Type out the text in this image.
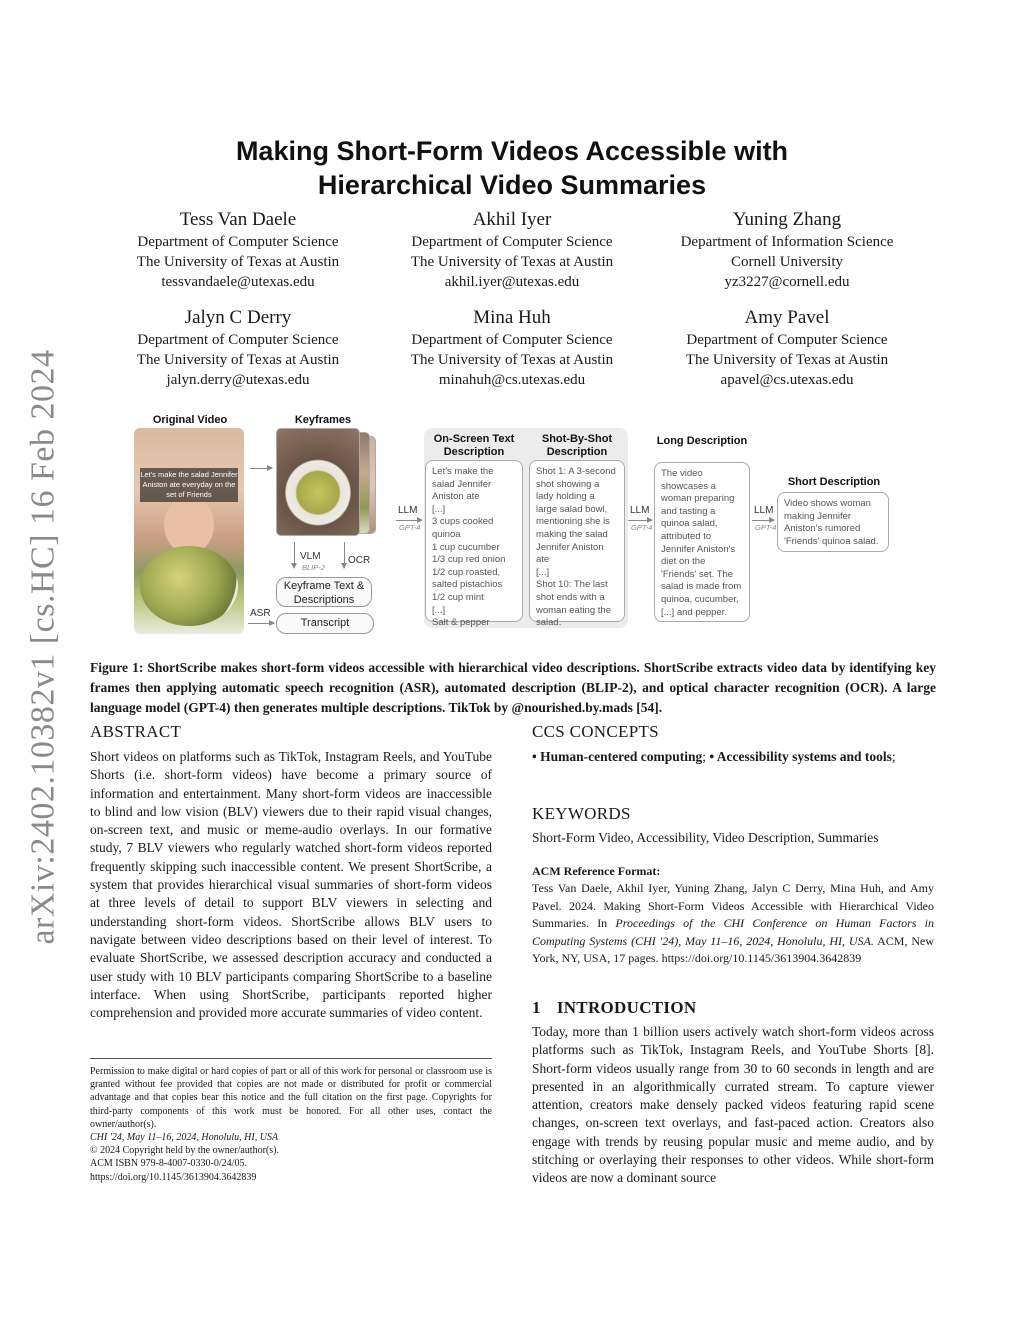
arXiv:2402.10382v1 [cs.HC] 16 Feb 2024
Making Short-Form Videos Accessible with
Hierarchical Video Summaries
Tess Van Daele
Department of Computer Science
The University of Texas at Austin
tessvandaele@utexas.edu
Akhil Iyer
Department of Computer Science
The University of Texas at Austin
akhil.iyer@utexas.edu
Yuning Zhang
Department of Information Science
Cornell University
yz3227@cornell.edu
Jalyn C Derry
Department of Computer Science
The University of Texas at Austin
jalyn.derry@utexas.edu
Mina Huh
Department of Computer Science
The University of Texas at Austin
minahuh@cs.utexas.edu
Amy Pavel
Department of Computer Science
The University of Texas at Austin
apavel@cs.utexas.edu
Original Video
Let's make the salad Jennifer Aniston ate everyday on the set of Friends
Keyframes
VLM
BLIP-2
OCR
Keyframe Text & Descriptions
Transcript
ASR
LLM
GPT-4
On-Screen Text Description
Shot-By-Shot Description
Let's make the salad Jennifer Aniston ate
[...]
3 cups cooked quinoa
1 cup cucumber
1/3 cup red onion
1/2 cup roasted, salted pistachios
1/2 cup mint
[...]
Salt & pepper
Shot 1: A 3-second shot showing a lady holding a large salad bowl, mentioning she is making the salad Jennifer Aniston ate
[...]
Shot 10: The last shot ends with a woman eating the salad.
LLM
GPT-4
Long Description
The video showcases a woman preparing and tasting a quinoa salad, attributed to Jennifer Aniston's diet on the 'Friends' set. The salad is made from quinoa, cucumber, [...] and pepper.
LLM
GPT-4
Short Description
Video shows woman making Jennifer Aniston's rumored 'Friends' quinoa salad.
Figure 1: ShortScribe makes short-form videos accessible with hierarchical video descriptions. ShortScribe extracts video data by identifying key frames then applying automatic speech recognition (ASR), automated description (BLIP-2), and optical character recognition (OCR). A large language model (GPT-4) then generates multiple descriptions. TikTok by @nourished.by.mads [54].
ABSTRACT
Short videos on platforms such as TikTok, Instagram Reels, and YouTube Shorts (i.e. short-form videos) have become a primary source of information and entertainment. Many short-form videos are inaccessible to blind and low vision (BLV) viewers due to their rapid visual changes, on-screen text, and music or meme-audio overlays. In our formative study, 7 BLV viewers who regularly watched short-form videos reported frequently skipping such inaccessible content. We present ShortScribe, a system that provides hierarchical visual summaries of short-form videos at three levels of detail to support BLV viewers in selecting and understanding short-form videos. ShortScribe allows BLV users to navigate between video descriptions based on their level of interest. To evaluate ShortScribe, we assessed description accuracy and conducted a user study with 10 BLV participants comparing ShortScribe to a baseline interface. When using ShortScribe, participants reported higher comprehension and provided more accurate summaries of video content.

Permission to make digital or hard copies of part or all of this work for personal or classroom use is granted without fee provided that copies are not made or distributed for profit or commercial advantage and that copies bear this notice and the full citation on the first page. Copyrights for third-party components of this work must be honored. For all other uses, contact the owner/author(s).

CHI '24, May 11–16, 2024, Honolulu, HI, USA

© 2024 Copyright held by the owner/author(s).

ACM ISBN 979-8-4007-0330-0/24/05.

https://doi.org/10.1145/3613904.3642839

CCS CONCEPTS
• Human-centered computing; • Accessibility systems and tools;
KEYWORDS
Short-Form Video, Accessibility, Video Description, Summaries
ACM Reference Format:
Tess Van Daele, Akhil Iyer, Yuning Zhang, Jalyn C Derry, Mina Huh, and Amy Pavel. 2024. Making Short-Form Videos Accessible with Hierarchical Video Summaries. In Proceedings of the CHI Conference on Human Factors in Computing Systems (CHI '24), May 11–16, 2024, Honolulu, HI, USA. ACM, New York, NY, USA, 17 pages. https://doi.org/10.1145/3613904.3642839
1 INTRODUCTION
Today, more than 1 billion users actively watch short-form videos across platforms such as TikTok, Instagram Reels, and YouTube Shorts [8]. Short-form videos usually range from 30 to 60 seconds in length and are presented in an algorithmically currated stream. To capture viewer attention, creators make densely packed videos featuring rapid scene changes, on-screen text overlays, and fast-paced action. Creators also engage with trends by reusing popular music and meme audio, and by stitching or overlaying their responses to other videos. While short-form videos are now a dominant source
